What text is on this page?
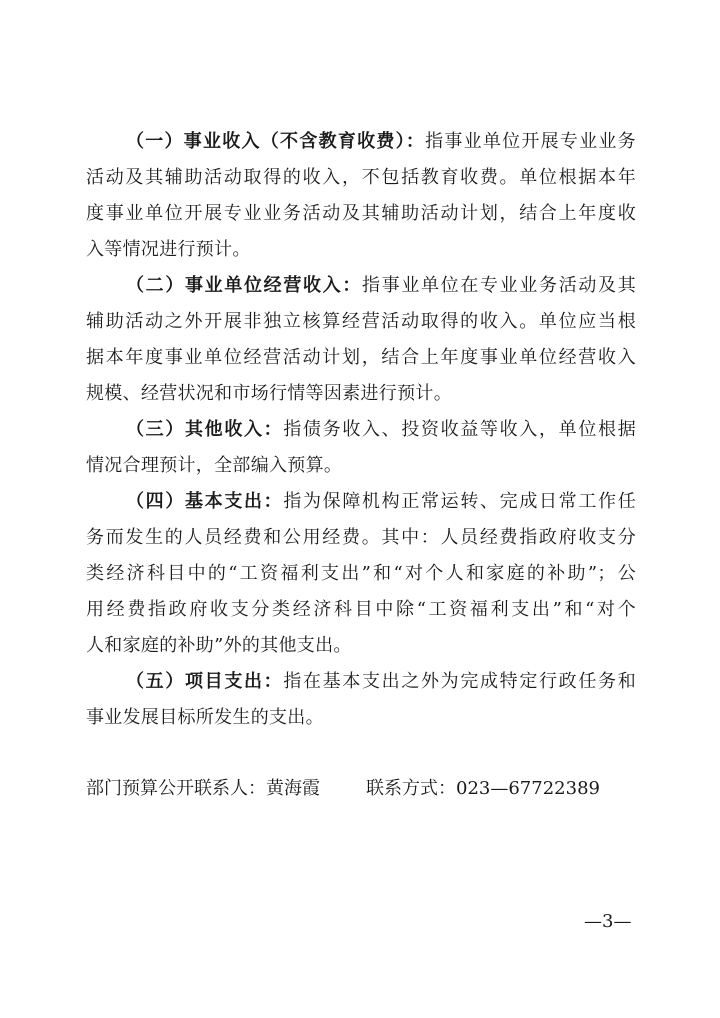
（一）事业收入（不含教育收费）：指事业单位开展专业业务
活动及其辅助活动取得的收入，不包括教育收费。单位根据本年
度事业单位开展专业业务活动及其辅助活动计划，结合上年度收
入等情况进行预计。
（二）事业单位经营收入：指事业单位在专业业务活动及其
辅助活动之外开展非独立核算经营活动取得的收入。单位应当根
据本年度事业单位经营活动计划，结合上年度事业单位经营收入
规模、经营状况和市场行情等因素进行预计。
（三）其他收入：指债务收入、投资收益等收入，单位根据
情况合理预计，全部编入预算。
（四）基本支出：指为保障机构正常运转、完成日常工作任
务而发生的人员经费和公用经费。其中：人员经费指政府收支分
类经济科目中的“工资福利支出”和“对个人和家庭的补助”；公
用经费指政府收支分类经济科目中除“工资福利支出”和“对个
人和家庭的补助”外的其他支出。
（五）项目支出：指在基本支出之外为完成特定行政任务和
事业发展目标所发生的支出。
部门预算公开联系人：黄海霞	联系方式：023—67722389
—3—
